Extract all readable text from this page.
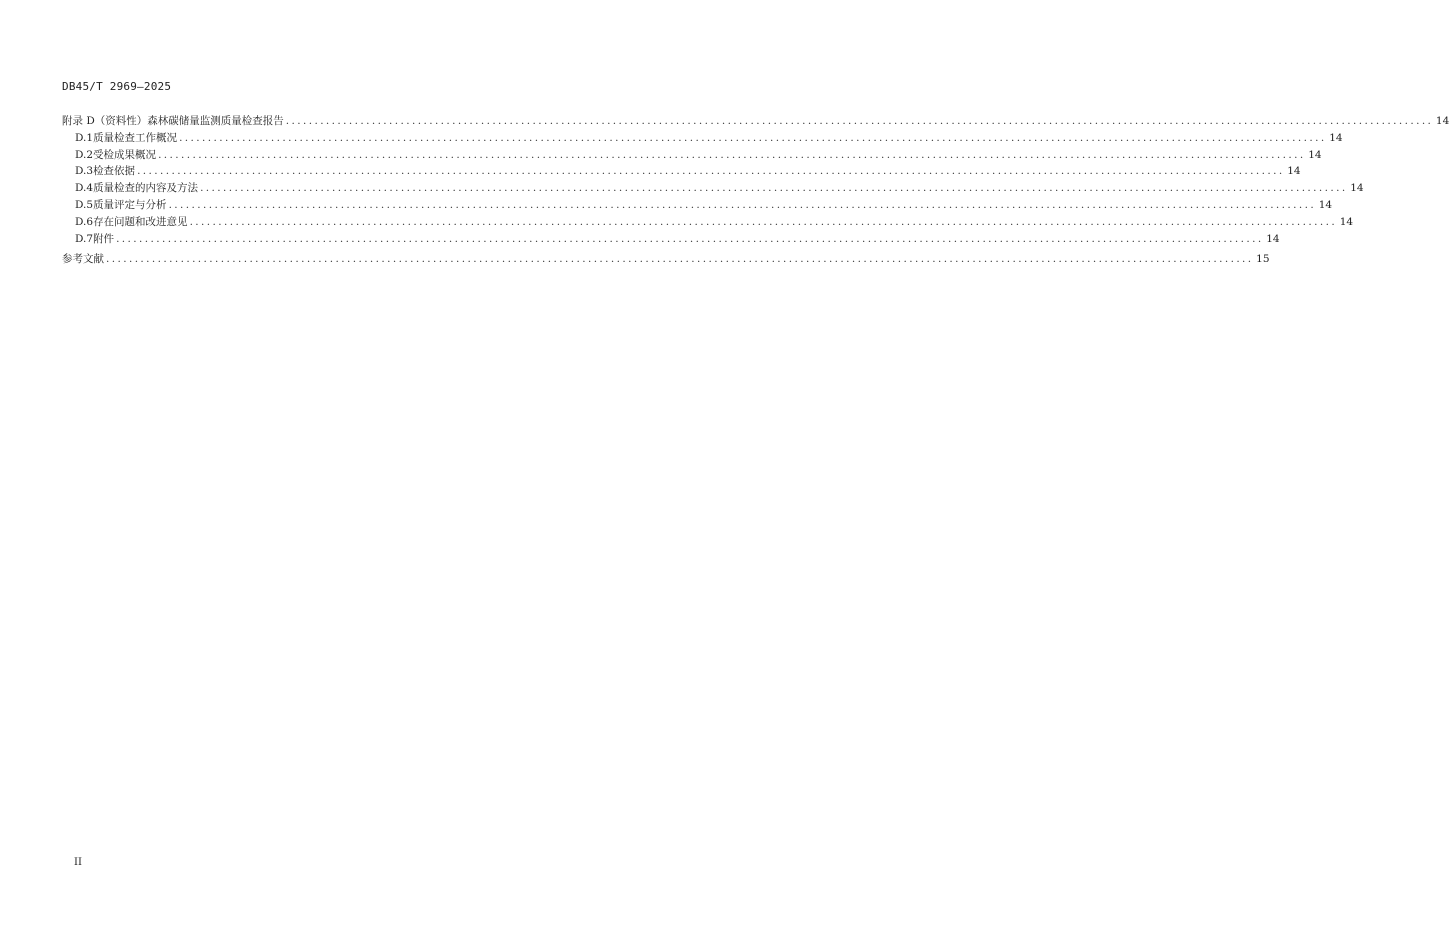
DB45/T 2969—2025
附录 D（资料性） 森林碳储量监测质量检查报告 ........................................................................................................................................................................................................ 14
D.1 质量检查工作概况 ........................................................................................................................................................................................................ 14
D.2 受检成果概况 ........................................................................................................................................................................................................ 14
D.3 检查依据 ........................................................................................................................................................................................................ 14
D.4 质量检查的内容及方法 ........................................................................................................................................................................................................ 14
D.5 质量评定与分析 ........................................................................................................................................................................................................ 14
D.6 存在问题和改进意见 ........................................................................................................................................................................................................ 14
D.7 附件 ........................................................................................................................................................................................................ 14
参考文献 ........................................................................................................................................................................................................ 15
II
